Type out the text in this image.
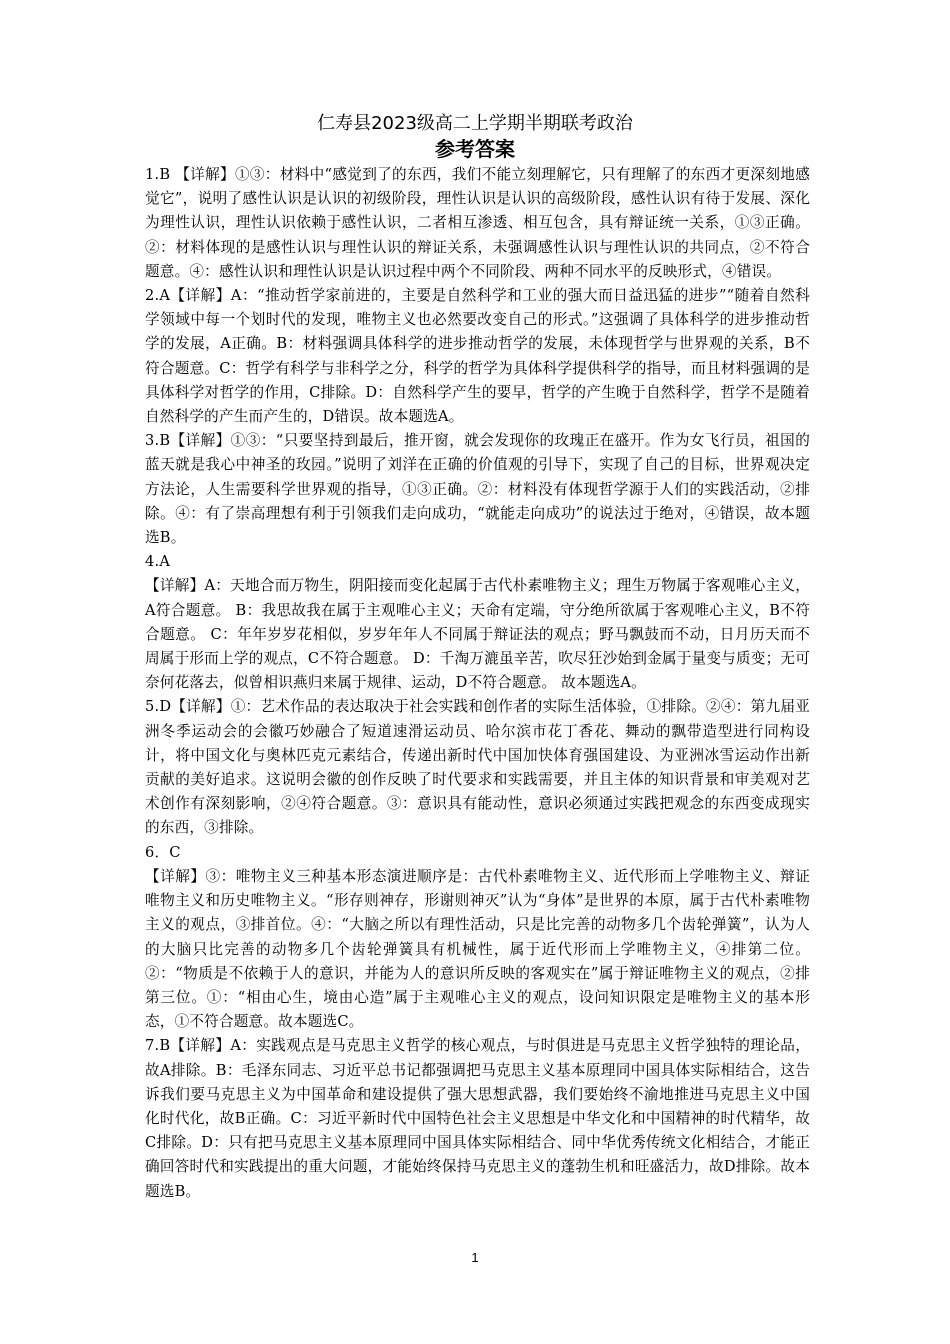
仁寿县2023级高二上学期半期联考政治
参考答案

1.B 【详解】①③：材料中“感觉到了的东西，我们不能立刻理解它，只有理解了的东西才更深刻地感觉它”，说明了感性认识是认识的初级阶段，理性认识是认识的高级阶段，感性认识有待于发展、深化为理性认识，理性认识依赖于感性认识，二者相互渗透、相互包含，具有辩证统一关系，①③正确。②：材料体现的是感性认识与理性认识的辩证关系，未强调感性认识与理性认识的共同点，②不符合题意。④：感性认识和理性认识是认识过程中两个不同阶段、两种不同水平的反映形式，④错误。

2.A【详解】A：“推动哲学家前进的，主要是自然科学和工业的强大而日益迅猛的进步”“随着自然科学领域中每一个划时代的发现，唯物主义也必然要改变自己的形式。”这强调了具体科学的进步推动哲学的发展，A正确。B：材料强调具体科学的进步推动哲学的发展，未体现哲学与世界观的关系，B不符合题意。C：哲学有科学与非科学之分，科学的哲学为具体科学提供科学的指导，而且材料强调的是具体科学对哲学的作用，C排除。D：自然科学产生的要早，哲学的产生晚于自然科学，哲学不是随着自然科学的产生而产生的，D错误。故本题选A。

3.B【详解】①③：“只要坚持到最后，推开窗，就会发现你的玫瑰正在盛开。作为女飞行员，祖国的蓝天就是我心中神圣的玫园。”说明了刘洋在正确的价值观的引导下，实现了自己的目标，世界观决定方法论，人生需要科学世界观的指导，①③正确。②：材料没有体现哲学源于人们的实践活动，②排除。④：有了崇高理想有利于引领我们走向成功，“就能走向成功”的说法过于绝对，④错误，故本题选B。

4.A

【详解】A：天地合而万物生，阴阳接而变化起属于古代朴素唯物主义；理生万物属于客观唯心主义，A符合题意。 B：我思故我在属于主观唯心主义；天命有定端，守分绝所欲属于客观唯心主义，B不符合题意。 C：年年岁岁花相似，岁岁年年人不同属于辩证法的观点；野马飘鼓而不动，日月历天而不周属于形而上学的观点，C不符合题意。 D：千淘万漉虽辛苦，吹尽狂沙始到金属于量变与质变；无可奈何花落去，似曾相识燕归来属于规律、运动，D不符合题意。 故本题选A。

5.D【详解】①：艺术作品的表达取决于社会实践和创作者的实际生活体验，①排除。②④：第九届亚洲冬季运动会的会徽巧妙融合了短道速滑运动员、哈尔滨市花丁香花、舞动的飘带造型进行同构设计，将中国文化与奥林匹克元素结合，传递出新时代中国加快体育强国建设、为亚洲冰雪运动作出新贡献的美好追求。这说明会徽的创作反映了时代要求和实践需要，并且主体的知识背景和审美观对艺术创作有深刻影响，②④符合题意。③：意识具有能动性，意识必须通过实践把观念的东西变成现实的东西，③排除。

6．C

【详解】③：唯物主义三种基本形态演进顺序是：古代朴素唯物主义、近代形而上学唯物主义、辩证唯物主义和历史唯物主义。“形存则神存，形谢则神灭”认为“身体”是世界的本原，属于古代朴素唯物主义的观点，③排首位。④：“大脑之所以有理性活动，只是比完善的动物多几个齿轮弹簧”，认为人的大脑只比完善的动物多几个齿轮弹簧具有机械性，属于近代形而上学唯物主义，④排第二位。②：“物质是不依赖于人的意识，并能为人的意识所反映的客观实在”属于辩证唯物主义的观点，②排第三位。①：“相由心生，境由心造”属于主观唯心主义的观点，设问知识限定是唯物主义的基本形态，①不符合题意。故本题选C。

7.B【详解】A：实践观点是马克思主义哲学的核心观点，与时俱进是马克思主义哲学独特的理论品，故A排除。B：毛泽东同志、习近平总书记都强调把马克思主义基本原理同中国具体实际相结合，这告诉我们要马克思主义为中国革命和建设提供了强大思想武器，我们要始终不渝地推进马克思主义中国化时代化，故B正确。C：习近平新时代中国特色社会主义思想是中华文化和中国精神的时代精华，故C排除。D：只有把马克思主义基本原理同中国具体实际相结合、同中华优秀传统文化相结合，才能正确回答时代和实践提出的重大问题，才能始终保持马克思主义的蓬勃生机和旺盛活力，故D排除。故本题选B。

1
